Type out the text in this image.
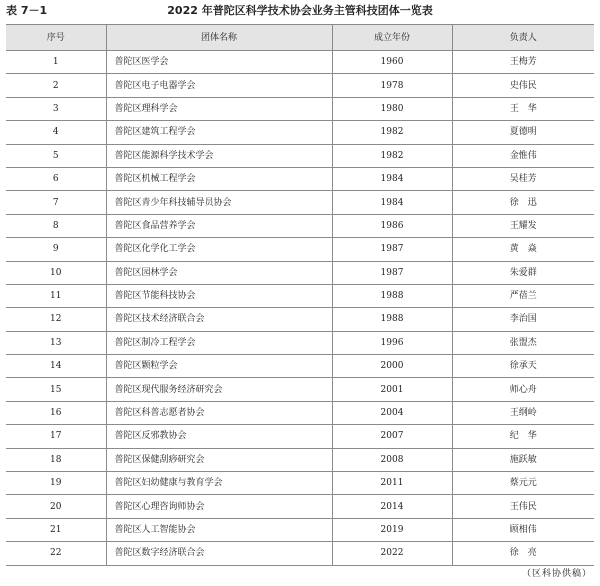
表 7－1	2022 年普陀区科学技术协会业务主管科技团体一览表
序号	团体名称	成立年份	负责人
1	普陀区医学会	1960	王梅芳
2	普陀区电子电器学会	1978	史伟民
3	普陀区理科学会	1980	王　华
4	普陀区建筑工程学会	1982	夏德明
5	普陀区能源科学技术学会	1982	金惟伟
6	普陀区机械工程学会	1984	吴桂芳
7	普陀区青少年科技辅导员协会	1984	徐　迅
8	普陀区食品营养学会	1986	王耀发
9	普陀区化学化工学会	1987	黄　焱
10	普陀区园林学会	1987	朱爱群
11	普陀区节能科技协会	1988	严蓓兰
12	普陀区技术经济联合会	1988	李治国
13	普陀区制冷工程学会	1996	张盟杰
14	普陀区颗粒学会	2000	徐承天
15	普陀区现代服务经济研究会	2001	师心舟
16	普陀区科普志愿者协会	2004	王纲岭
17	普陀区反邪教协会	2007	纪　华
18	普陀区保健刮痧研究会	2008	施跃敏
19	普陀区妇幼健康与教育学会	2011	蔡元元
20	普陀区心理咨询师协会	2014	王伟民
21	普陀区人工智能协会	2019	顾相伟
22	普陀区数字经济联合会	2022	徐　亮
（区科协供稿）
